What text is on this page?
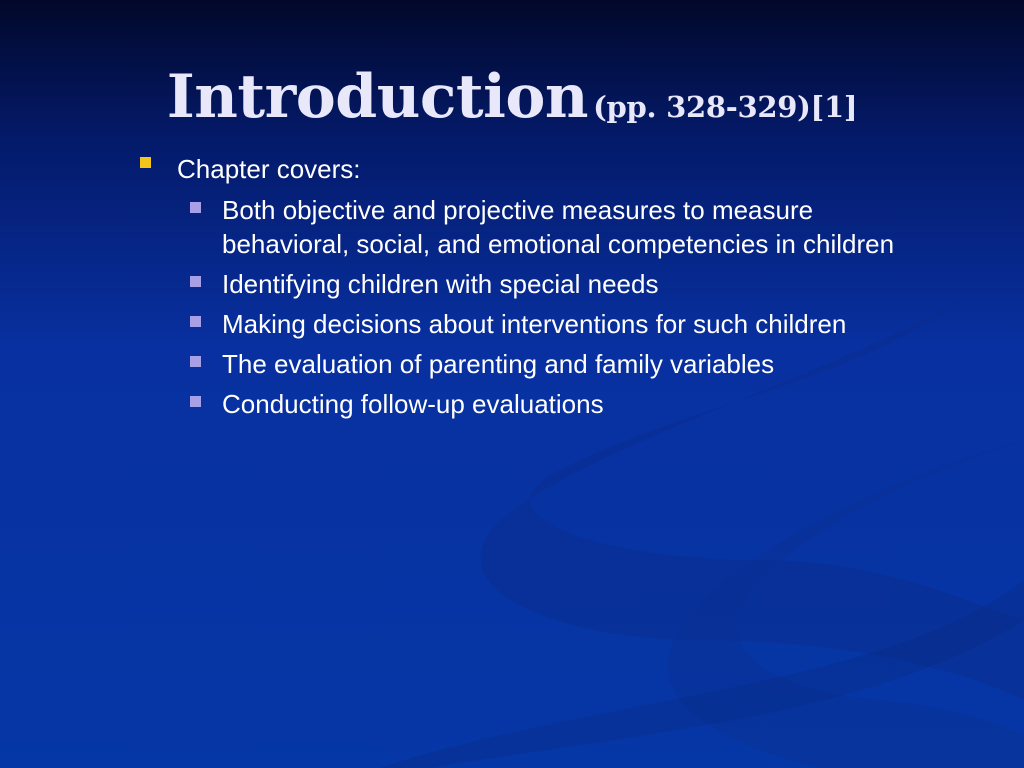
Introduction (pp. 328-329)[1]
Chapter covers:
Both objective and projective measures to measure behavioral, social, and emotional competencies in children
Identifying children with special needs
Making decisions about interventions for such children
The evaluation of parenting and family variables
Conducting follow-up evaluations
